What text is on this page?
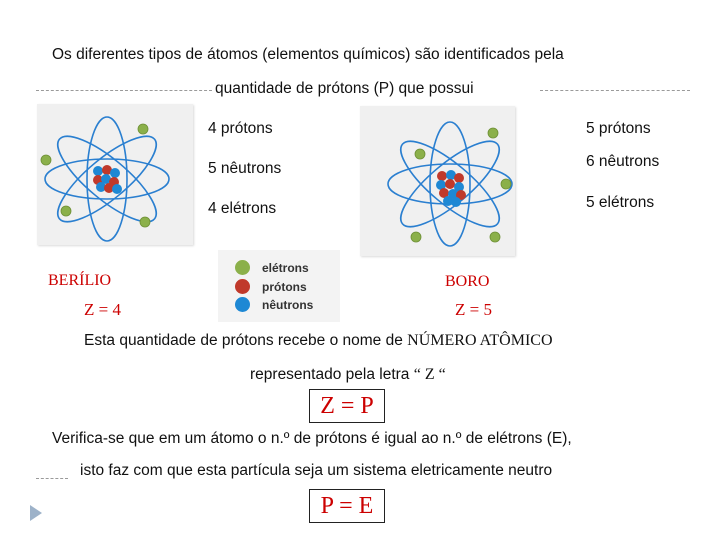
Os diferentes tipos de átomos (elementos químicos) são identificados pela
quantidade de prótons (P) que possui
4 prótons
5 nêutrons
4 elétrons
5 prótons
6 nêutrons
5 elétrons
elétrons
prótons
nêutrons
BERÍLIO
Z = 4
BORO
Z = 5
Esta quantidade de prótons recebe o nome de NÚMERO ATÔMICO
representado pela letra “ Z “
Z = P
Verifica-se que em um átomo o n.º de prótons é igual ao n.º de elétrons (E),
isto faz com que esta partícula seja um sistema eletricamente neutro
P = E
